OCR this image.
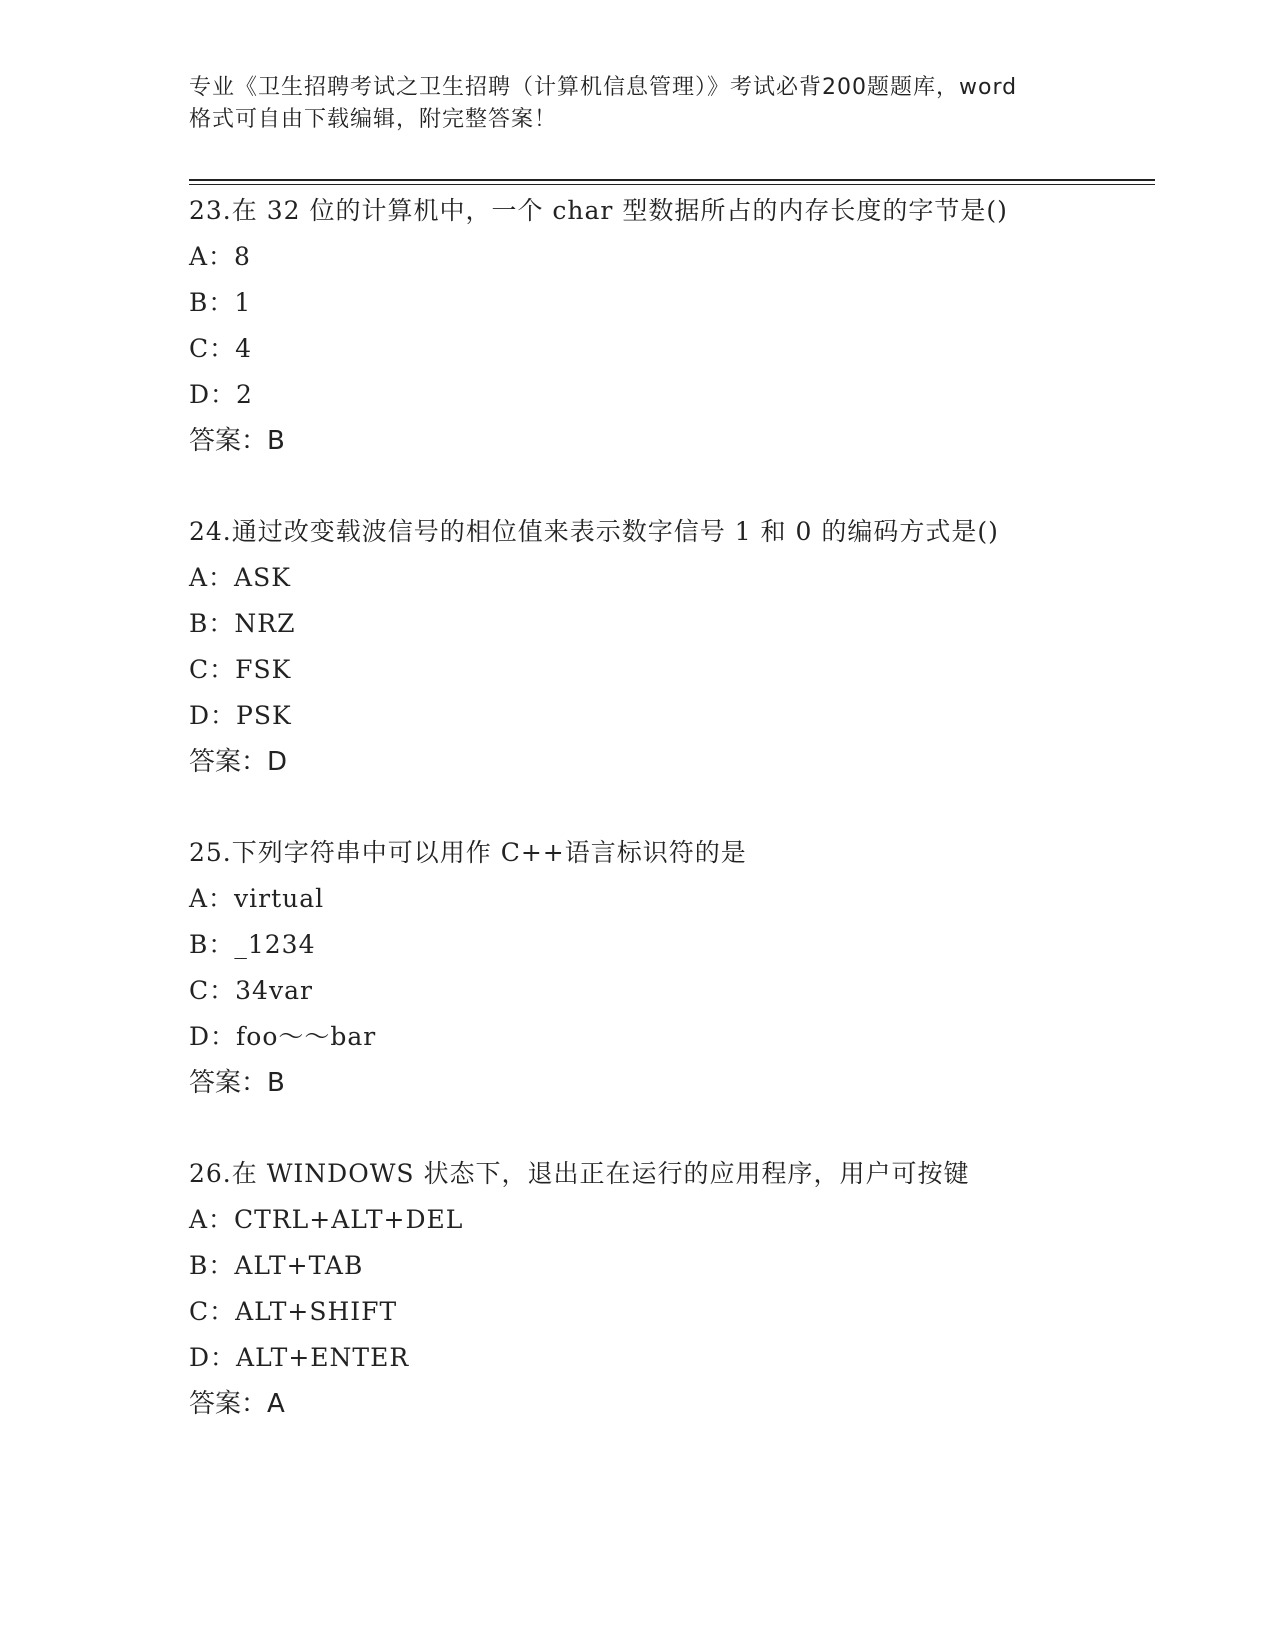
专业《卫生招聘考试之卫生招聘（计算机信息管理）》考试必背200题题库，word
格式可自由下载编辑，附完整答案！
23.在 32 位的计算机中，一个 char 型数据所占的内存长度的字节是()
A：8
B：1
C：4
D：2
答案：B
24.通过改变载波信号的相位值来表示数字信号 1 和 0 的编码方式是()
A：ASK
B：NRZ
C：FSK
D：PSK
答案：D
25.下列字符串中可以用作 C++语言标识符的是
A：virtual
B：_1234
C：34var
D：foo～～bar
答案：B
26.在 WINDOWS 状态下，退出正在运行的应用程序，用户可按键
A：CTRL+ALT+DEL
B：ALT+TAB
C：ALT+SHIFT
D：ALT+ENTER
答案：A
